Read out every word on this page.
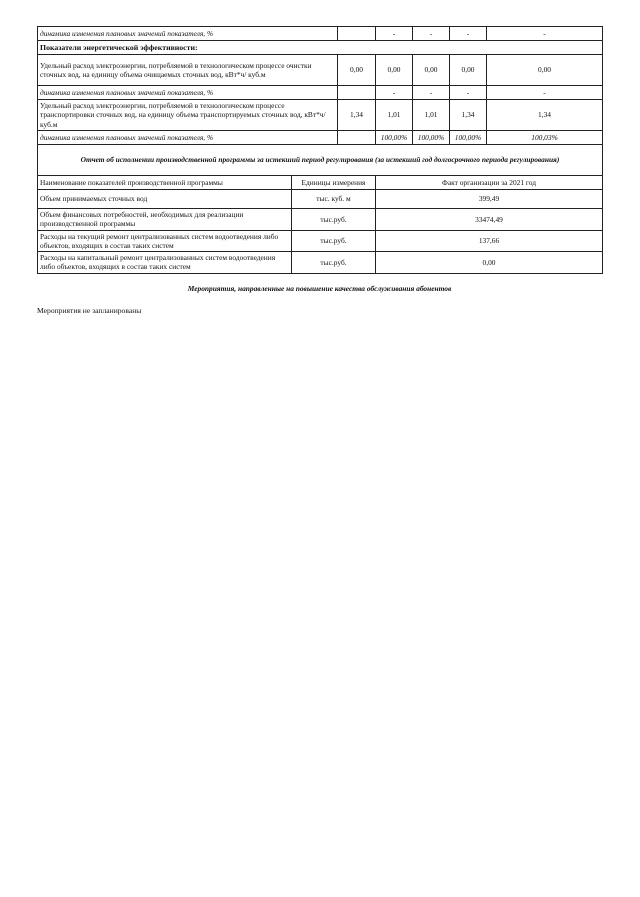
динамика изменения плановых значений показателя, %		-	-	-	-
Показатели энергетической эффективности:					
Удельный расход электроэнергии, потребляемой в технологическом процессе очистки сточных вод, на единицу объема очищаемых сточных вод, кВт*ч/ куб.м	0,00	0,00	0,00	0,00	0,00
динамика изменения плановых значений показателя, %		-	-	-	-
Удельный расход электроэнергии, потребляемой в технологическом процессе транспортировки сточных вод, на единицу объема транспортируемых сточных вод, кВт*ч/ куб.м	1,34	1,01	1,01	1,34	1,34
динамика изменения плановых значений показателя, %		100,00%	100,00%	100,00%	100,03%
Отчет об исполнении производственной программы за истекший период регулирования (за истекший год долгосрочного периода регулирования)					
Наименование показателей производственной программы	Единицы измерения	Факт организации за 2021 год
Объем принимаемых сточных вод	тыс. куб. м	399,49
Объем финансовых потребностей, необходимых для реализации производственной программы	тыс.руб.	33474,49
Расходы на текущий ремонт централизованных систем водоотведения либо объектов, входящих в состав таких систем	тыс.руб.	137,66
Расходы на капитальный ремонт централизованных систем водоотведения либо объектов, входящих в состав таких систем	тыс.руб.	0,00
Мероприятия, направленные на повышение качества обслуживания абонентов
Мероприятия не запланированы
